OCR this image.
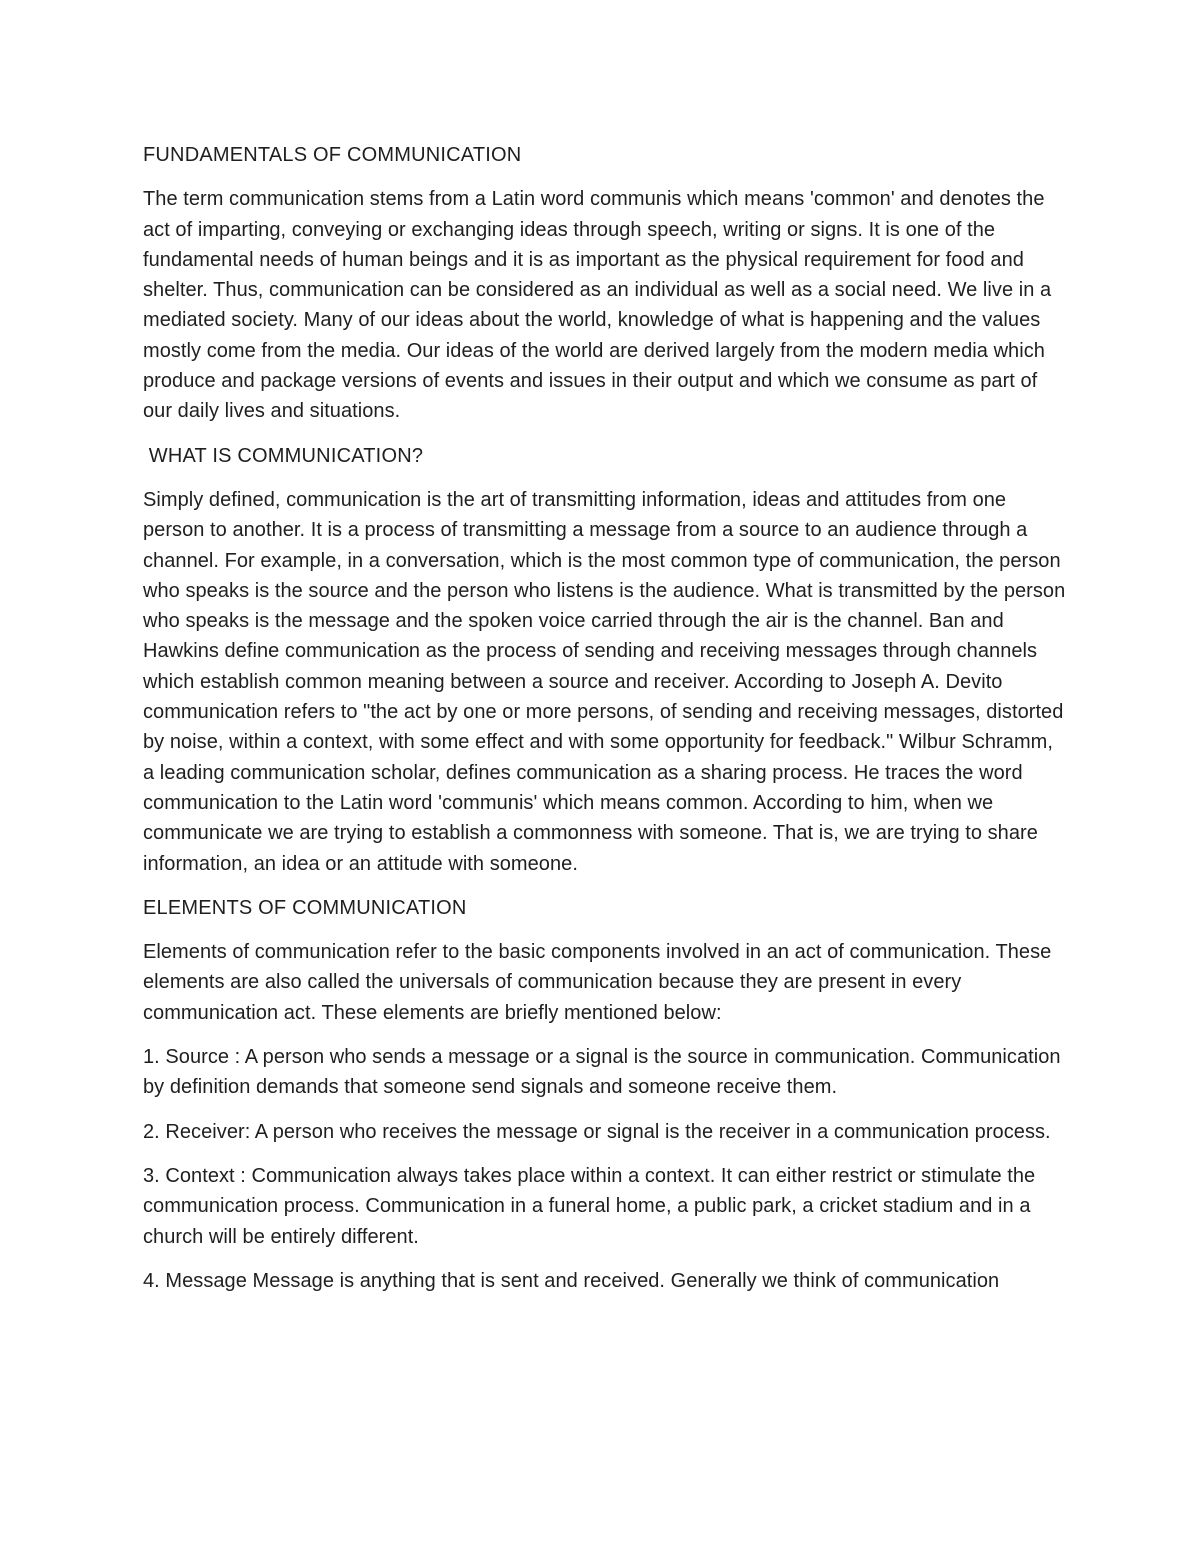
FUNDAMENTALS OF COMMUNICATION

The term communication stems from a Latin word communis which means 'common' and denotes the act of imparting, conveying or exchanging ideas through speech, writing or signs. It is one of the fundamental needs of human beings and it is as important as the physical requirement for food and shelter. Thus, communication can be considered as an individual as well as a social need. We live in a mediated society. Many of our ideas about the world, knowledge of what is happening and the values mostly come from the media. Our ideas of the world are derived largely from the modern media which produce and package versions of events and issues in their output and which we consume as part of our daily lives and situations.

WHAT IS COMMUNICATION?

Simply defined, communication is the art of transmitting information, ideas and attitudes from one person to another. It is a process of transmitting a message from a source to an audience through a channel. For example, in a conversation, which is the most common type of communication, the person who speaks is the source and the person who listens is the audience. What is transmitted by the person who speaks is the message and the spoken voice carried through the air is the channel. Ban and Hawkins define communication as the process of sending and receiving messages through channels which establish common meaning between a source and receiver. According to Joseph A. Devito communication refers to "the act by one or more persons, of sending and receiving messages, distorted by noise, within a context, with some effect and with some opportunity for feedback." Wilbur Schramm, a leading communication scholar, defines communication as a sharing process. He traces the word communication to the Latin word 'communis' which means common. According to him, when we communicate we are trying to establish a commonness with someone. That is, we are trying to share information, an idea or an attitude with someone.

ELEMENTS OF COMMUNICATION

Elements of communication refer to the basic components involved in an act of communication. These elements are also called the universals of communication because they are present in every communication act. These elements are briefly mentioned below:

1. Source : A person who sends a message or a signal is the source in communication. Communication by definition demands that someone send signals and someone receive them.

2. Receiver: A person who receives the message or signal is the receiver in a communication process.

3. Context : Communication always takes place within a context. It can either restrict or stimulate the communication process. Communication in a funeral home, a public park, a cricket stadium and in a church will be entirely different.

4. Message Message is anything that is sent and received. Generally we think of communication
